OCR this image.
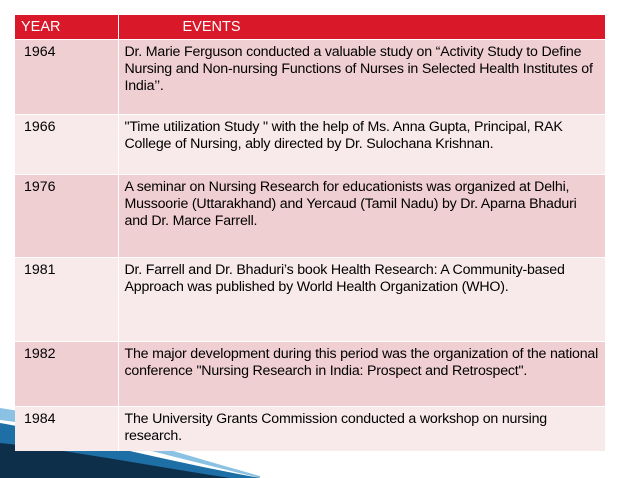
YEAR	EVENTS
1964	Dr. Marie Ferguson conducted a valuable study on “Activity Study to Define Nursing and Non-nursing Functions of Nurses in Selected Health Institutes of India’’.
1966	"Time utilization Study " with the help of Ms. Anna Gupta, Principal, RAK College of Nursing, ably directed by Dr. Sulochana Krishnan.
1976	A seminar on Nursing Research for educationists was organized at Delhi, Mussoorie (Uttarakhand) and Yercaud (Tamil Nadu) by Dr. Aparna Bhaduri and Dr. Marce Farrell.
1981	Dr. Farrell and Dr. Bhaduri’s book Health Research: A Community-based Approach was published by World Health Organization (WHO).
1982	The major development during this period was the organization of the national conference "Nursing Research in India: Prospect and Retrospect".
1984	The University Grants Commission conducted a workshop on nursing research.
